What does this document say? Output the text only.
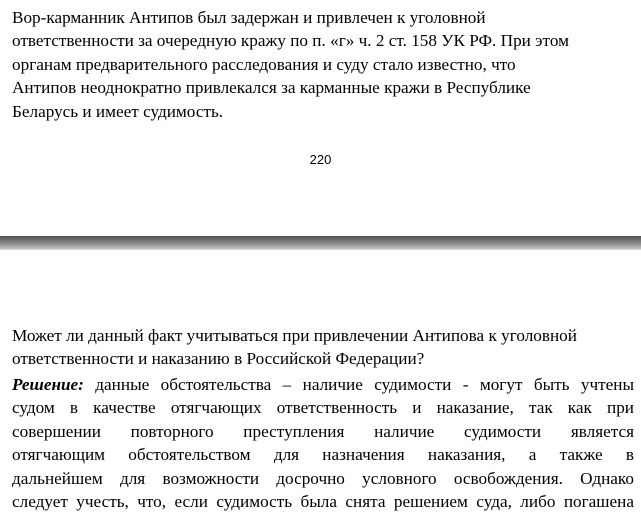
Вор-карманник Антипов был задержан и привлечен к уголовной
ответственности за очередную кражу по п. «г» ч. 2 ст. 158 УК РФ. При этом
органам предварительного расследования и суду стало известно, что
Антипов неоднократно привлекался за карманные кражи в Республике
Беларусь и имеет судимость.

220

Может ли данный факт учитываться при привлечении Антипова к уголовной
ответственности и наказанию в Российской Федерации?

Решение: данные обстоятельства – наличие судимости - могут быть учтены
судом в качестве отягчающих ответственность и наказание, так как при
совершении повторного преступления наличие судимости является
отягчающим обстоятельством для назначения наказания, а также в
дальнейшем для возможности досрочно условного освобождения. Однако
следует учесть, что, если судимость была снята решением суда, либо погашена
